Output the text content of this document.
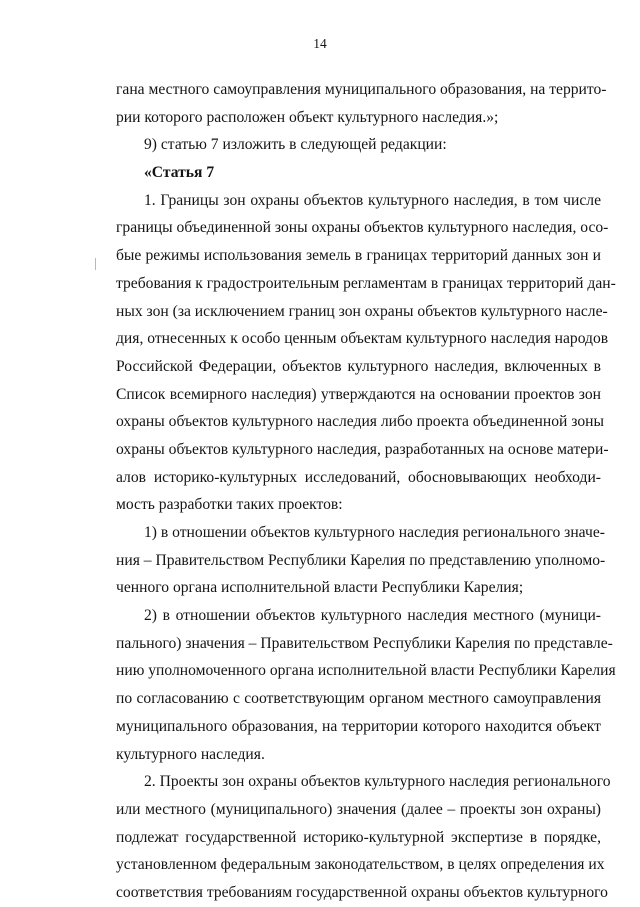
14
гана местного самоуправления муниципального образования, на террито-
рии которого расположен объект культурного наследия.»;
9) статью 7 изложить в следующей редакции:
«Статья 7
1. Границы зон охраны объектов культурного наследия, в том числе
границы объединенной зоны охраны объектов культурного наследия, осо-
бые режимы использования земель в границах территорий данных зон и
требования к градостроительным регламентам в границах территорий дан-
ных зон (за исключением границ зон охраны объектов культурного насле-
дия, отнесенных к особо ценным объектам культурного наследия народов
Российской Федерации, объектов культурного наследия, включенных в
Список всемирного наследия) утверждаются на основании проектов зон
охраны объектов культурного наследия либо проекта объединенной зоны
охраны объектов культурного наследия, разработанных на основе матери-
алов историко-культурных исследований, обосновывающих необходи-
мость разработки таких проектов:
1) в отношении объектов культурного наследия регионального значе-
ния – Правительством Республики Карелия по представлению уполномо-
ченного органа исполнительной власти Республики Карелия;
2) в отношении объектов культурного наследия местного (муници-
пального) значения – Правительством Республики Карелия по представле-
нию уполномоченного органа исполнительной власти Республики Карелия
по согласованию с соответствующим органом местного самоуправления
муниципального образования, на территории которого находится объект
культурного наследия.
2. Проекты зон охраны объектов культурного наследия регионального
или местного (муниципального) значения (далее – проекты зон охраны)
подлежат государственной историко-культурной экспертизе в порядке,
установленном федеральным законодательством, в целях определения их
соответствия требованиям государственной охраны объектов культурного
